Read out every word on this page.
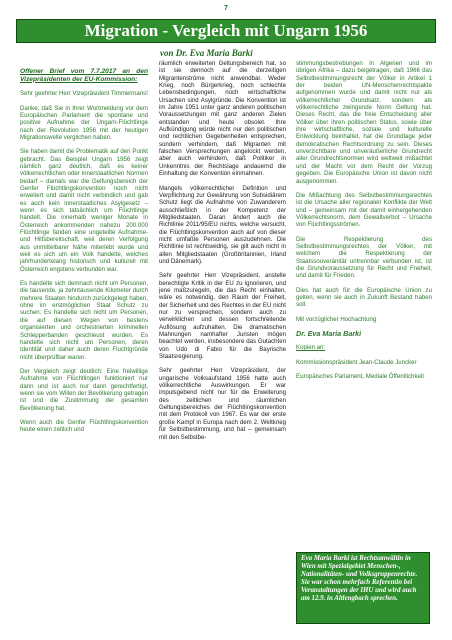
7
Migration - Vergleich mit Ungarn 1956
von Dr. Eva Maria Barki

Offener Brief vom 7.7.2017 an den Vizepräsidenten der EU-Kommission:

Sehr geehrter Herr Vizepräsident Timmermans!

Danke, daß Sie in Ihrer Wortmeldung vor dem Europäischen Parlament die spontane und positive Aufnahme der Ungarn-Flüchtlinge nach der Revolution 1956 mit der heutigen Migrationswelle verglichen haben.

Sie haben damit die Problematik auf den Punkt gebracht. Das Beispiel Ungarn 1956 zeigt nämlich ganz deutlich, daß es keiner völkerrechtlichen oder innerstaatlichen Normen bedarf – damals war die Gelfungsbereich der Genfer Flüchtlingskonvention noch nicht erweitert und damit nicht verbindlich und gab es auch kein innerstaatliches Asylgesetz – wenn es sich tatsächlich um Flüchtlinge handelt. Die innerhalb weniger Monate in Österreich ankommenden nahezu 200.000 Flüchtlinge fanden eine ungeteilte Aufnahme- und Hilfsbereitschaft, weil deren Verfolgung aus unmittelbarer Nähe miterlebt wurde und weil es sich um ein Volk handelte, welches jahrhundertelang historisch und kulturell mit Österreich engstens verbunden war.

Es handelte sich demnach nicht um Personen, die tausende, ja zehntausende Kilometer durch mehrere Staaten hindurch zurückgelegt haben, ohne im erstmöglichen Staat Schutz zu suchen. Es handelte sich nicht um Personen, die auf diesen Wegen von bestens organisierten und orchestrierten kriminellen Schlepperbanden geschleust wurden. Es handelte sich nicht um Personen, deren Identität und daher auch deren Fluchtgründe nicht überprüfbar waren.

Der Vergleich zeigt deutlich: Eine freiwillige Aufnahme von Flüchtlingen funktioniert nur dann und ist auch nur dann gerechtfertigt, wenn sie vom Willen der Bevölkerung getragen ist und die Zustimmung der gesamten Bevölkerung hat.

Wenn auch die Genfer Flüchtlingskonvention heute einen zeitlich und

räumlich erweiterten Geltungsbereich hat, so ist sie dennoch auf die derzeitigen Migrantenströme nicht anwendbar. Weder Krieg, noch Bürgerkrieg, noch schlechte Lebensbedingungen, noch wirtschaftliche Ursachen sind Asylgründe. Die Konvention ist im Jahre 1951 unter ganz anderen politischen Voraussetzungen mit ganz anderen Zielen entstanden und heute obsolet. Ihre Aufkündigung würde nicht nur den politischen und rechtlichen Gegebenheiten entsprechen, sondern verhindern, daß Migranten mit falschen Versprechungen angelockt werden, aber auch verhindern, daß Politiker in Unkenntnis der Rechtslage andauernd die Einhaltung der Konvention einmahnen.

Mangels völkerrechtlicher Definition und Verpflichtung zur Gewährung von Subsidiärem Schutz liegt die Aufnahme von Zuwanderern ausschließlich in der Kompetenz der Mitgliedstaaten. Daran ändert auch die Richtlinie 2011/95/EU nichts, welche versucht, die Flüchtlingskonvention auch auf von dieser nicht umfaßte Personen auszudehnen. Die Richtlinie ist rechtswidrig, sie gilt auch nicht in allen Mitgliedstaaten (Großbritannien, Irland und Dänemark).

Sehr geehrter Herr Vizepräsident, anstelle berechtigte Kritik in der EU zu ignorieren, und jene maßzuregeln, die das Recht einhalten, wäre es notwendig, den Raum der Freiheit, der Sicherheit und des Rechtes in der EU nicht nur zu versprechen, sondern auch zu verwirklichen und dessen fortschreitende Auflösung aufzuhalten. Die dramatischen Mahnungen namhafter Juristen mögen beachtet werden, insbesondere das Gutachten von Udo di Fabio für die Bayrische Staatsregierung.

Sehr geehrter Herr Vizepräsident, der ungarische Volksaufstand 1956 hatte auch völkerrechtliche Auswirkungen. Er war impulsgebend nicht nur für die Erweiterung des zeitlichen und räumlichen Geltungsbereiches der Flüchtlingskonvention mit dem Protokoll von 1967. Es war der erste große Kampf in Europa nach dem 2. Weltkrieg für Selbstbestimmung, und hat – gemeinsam mit den Selbstbe-

stimmungsbestrebungen in Algerien und im übrigen Afrika – dazu beigetragen, daß 1966 das Selbstbestimmungsrecht der Völker in Artikel 1 der beiden UN-Menschenrechtspakte aufgenommen wurde und damit nicht nur als völkerrechtlicher Grundsatz, sondern als völkerrechtliche zwingende Norm Geltung hat. Dieses Recht, das die freie Entscheidung aller Völker über ihren politischen Status, sowie über ihre wirtschaftliche, soziale und kulturelle Entwicklung beinhaltet, hat die Grundlage jeder demokratischen Rechtsordnung zu sein. Dieses unverzichtbare und unveräußerliche Grundrecht aller Grundrechtsnormen wird weltweit mißachtet und der Macht vor dem Recht der Vorzug gegeben. Die Europäische Union ist davon nicht ausgenommen.

Die Mißachtung des Selbstbestimmungsrechtes ist die Ursache aller regionalen Konflikte der Welt und – gemeinsam mit der damit einhergehenden Völkerrechtsnorm, dem Gewaltverbot – Ursache von Flüchtlingsströmen.

Die Respektierung des Selbstbestimmungsrechtes der Völker, mit welchem die Respektierung der Staatssouveränität untrennbar verbunden ist, ist die Grundvoraussetzung für Recht und Freiheit, und damit für Frieden.

Dies hat auch für die Europäische Union zu gelten, wenn sie auch in Zukunft Bestand haben soll.

Mit vorzüglicher Hochachtung

Dr. Eva Maria Barki

Kopien an:

Kommissionspräsident Jean-Claude Juncker

Europäisches Parlament, Mediale Öffentlichkeit

Eva Maria Barki ist Rechtsanwältin in Wien mit Spezialgebiet Menschen-, Nationalitäten- und Volksgruppenrechte. Sie war schon mehrfach Referentin bei Veranstaltungen der IHU und wird auch am 12.9. in Altlengbach sprechen.
